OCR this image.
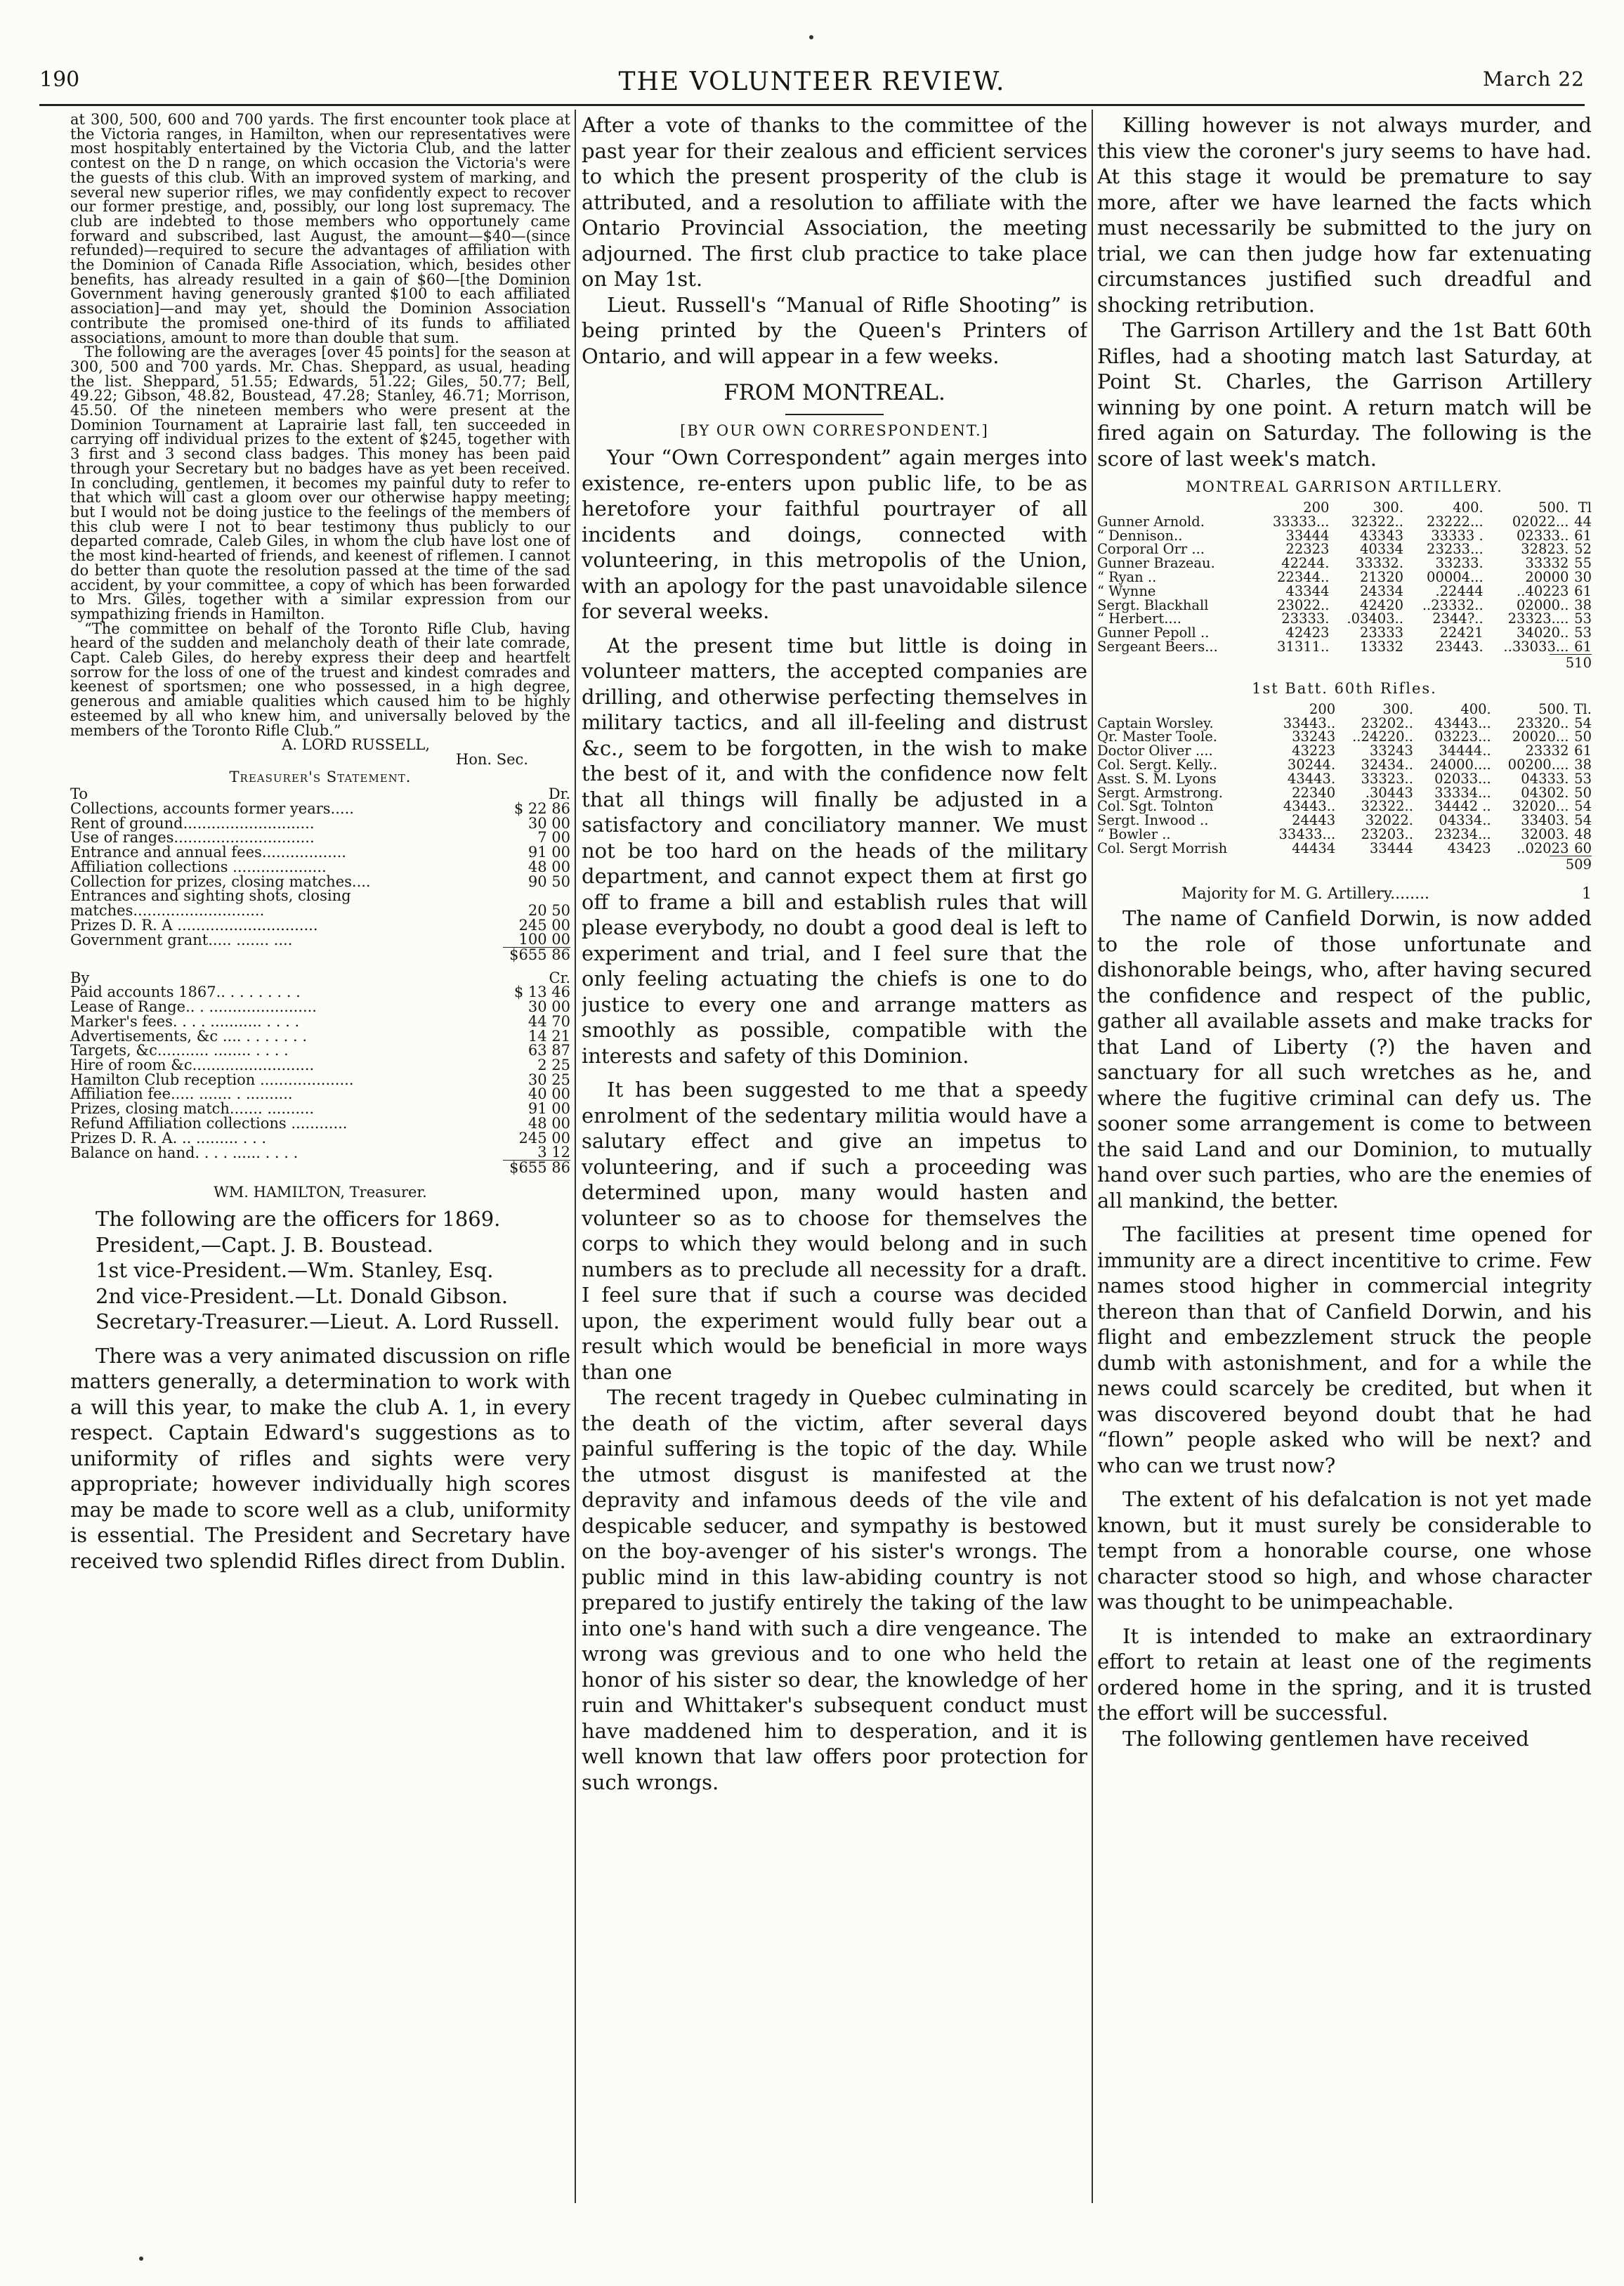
190	THE VOLUNTEER REVIEW.	March 22

at 300, 500, 600 and 700 yards. The first encounter took place at the Victoria ranges, in Hamilton, when our representatives were most hospitably entertained by the Victoria Club, and the latter contest on the D n range, on which occasion the Victoria's were the guests of this club. With an improved system of marking, and several new superior rifles, we may confidently expect to recover our former prestige, and, possibly, our long lost supremacy. The club are indebted to those members who opportunely came forward and subscribed, last August, the amount—$40—(since refunded)—required to secure the advantages of affiliation with the Dominion of Canada Rifle Association, which, besides other benefits, has already resulted in a gain of $60—[the Dominion Government having generously granted $100 to each affiliated association]—and may yet, should the Dominion Association contribute the promised one-third of its funds to affiliated associations, amount to more than double that sum.

The following are the averages [over 45 points] for the season at 300, 500 and 700 yards. Mr. Chas. Sheppard, as usual, heading the list. Sheppard, 51.55; Edwards, 51.22; Giles, 50.77; Bell, 49.22; Gibson, 48.82, Boustead, 47.28; Stanley, 46.71; Morrison, 45.50. Of the nineteen members who were present at the Dominion Tournament at Laprairie last fall, ten succeeded in carrying off individual prizes to the extent of $245, together with 3 first and 3 second class badges. This money has been paid through your Secretary but no badges have as yet been received. In concluding, gentlemen, it becomes my painful duty to refer to that which will cast a gloom over our otherwise happy meeting; but I would not be doing justice to the feelings of the members of this club were I not to bear testimony thus publicly to our departed comrade, Caleb Giles, in whom the club have lost one of the most kind-hearted of friends, and keenest of riflemen. I cannot do better than quote the resolution passed at the time of the sad accident, by your committee, a copy of which has been forwarded to Mrs. Giles, together with a similar expression from our sympathizing friends in Hamilton.

“The committee on behalf of the Toronto Rifle Club, having heard of the sudden and melancholy death of their late comrade, Capt. Caleb Giles, do hereby express their deep and heartfelt sorrow for the loss of one of the truest and kindest comrades and keenest of sportsmen; one who possessed, in a high degree, generous and amiable qualities which caused him to be highly esteemed by all who knew him, and universally beloved by the members of the Toronto Rifle Club.”

A. LORD RUSSELL,

Hon. Sec.

Treasurer's Statement.

To	Dr.
Collections, accounts former years.....	$ 22 86
Rent of ground............................	30 00
Use of ranges..............................	7 00
Entrance and annual fees..................	91 00
Affiliation collections ....................	48 00
Collection for prizes, closing matches....	90 50
Entrances and sighting shots, closing matches............................	20 50
Prizes D. R. A ..............................	245 00
Government grant..... ....... ....	100 00
	$655 86
By	Cr.
Paid accounts 1867.. . . . . . . . .	$ 13 46
Lease of Range.. . .......................	30 00
Marker's fees. . . . ........... . . . .	44 70
Advertisements, &c .... . . . . . . .	14 21
Targets, &c........... ........ . . . .	63 87
Hire of room &c..........................	2 25
Hamilton Club reception ....................	30 25
Affiliation fee..... ....... . ..........	40 00
Prizes, closing match....... ..........	91 00
Refund Affiliation collections ............	48 00
Prizes D. R. A. .. ......... . . .	245 00
Balance on hand. . . . ...... . . . .	3 12
	$655 86

WM. HAMILTON, Treasurer.

The following are the officers for 1869.

President,—Capt. J. B. Boustead.

1st vice-President.—Wm. Stanley, Esq.

2nd vice-President.—Lt. Donald Gibson.

Secretary-Treasurer.—Lieut. A. Lord Russell.

There was a very animated discussion on rifle matters generally, a determination to work with a will this year, to make the club A. 1, in every respect. Captain Edward's suggestions as to uniformity of rifles and sights were very appropriate; however individually high scores may be made to score well as a club, uniformity is essential. The President and Secretary have received two splendid Rifles direct from Dublin.

After a vote of thanks to the committee of the past year for their zealous and efficient services to which the present prosperity of the club is attributed, and a resolution to affiliate with the Ontario Provincial Association, the meeting adjourned. The first club practice to take place on May 1st.

Lieut. Russell's “Manual of Rifle Shooting” is being printed by the Queen's Printers of Ontario, and will appear in a few weeks.

FROM MONTREAL.
[BY OUR OWN CORRESPONDENT.]

Your “Own Correspondent” again merges into existence, re-enters upon public life, to be as heretofore your faithful pourtrayer of all incidents and doings, connected with volunteering, in this metropolis of the Union, with an apology for the past unavoidable silence for several weeks.

At the present time but little is doing in volunteer matters, the accepted companies are drilling, and otherwise perfecting themselves in military tactics, and all ill-feeling and distrust &c., seem to be forgotten, in the wish to make the best of it, and with the confidence now felt that all things will finally be adjusted in a satisfactory and conciliatory manner. We must not be too hard on the heads of the military department, and cannot expect them at first go off to frame a bill and establish rules that will please everybody, no doubt a good deal is left to experiment and trial, and I feel sure that the only feeling actuating the chiefs is one to do justice to every one and arrange matters as smoothly as possible, compatible with the interests and safety of this Dominion.

It has been suggested to me that a speedy enrolment of the sedentary militia would have a salutary effect and give an impetus to volunteering, and if such a proceeding was determined upon, many would hasten and volunteer so as to choose for themselves the corps to which they would belong and in such numbers as to preclude all necessity for a draft. I feel sure that if such a course was decided upon, the experiment would fully bear out a result which would be beneficial in more ways than one

The recent tragedy in Quebec culminating in the death of the victim, after several days painful suffering is the topic of the day. While the utmost disgust is manifested at the depravity and infamous deeds of the vile and despicable seducer, and sympathy is bestowed on the boy-avenger of his sister's wrongs. The public mind in this law-abiding country is not prepared to justify entirely the taking of the law into one's hand with such a dire vengeance. The wrong was grevious and to one who held the honor of his sister so dear, the knowledge of her ruin and Whittaker's subsequent conduct must have maddened him to desperation, and it is well known that law offers poor protection for such wrongs.

Killing however is not always murder, and this view the coroner's jury seems to have had. At this stage it would be premature to say more, after we have learned the facts which must necessarily be submitted to the jury on trial, we can then judge how far extenuating circumstances justified such dreadful and shocking retribution.

The Garrison Artillery and the 1st Batt 60th Rifles, had a shooting match last Saturday, at Point St. Charles, the Garrison Artillery winning by one point. A return match will be fired again on Saturday. The following is the score of last week's match.

MONTREAL GARRISON ARTILLERY.
	200	300.	400.	500.	Tl
Gunner Arnold.	33333...	32322..	23222...	02022...	44
“ Dennison..	33444	43343	33333 .	02333..	61
Corporal Orr ...	22323	40334	23233...	32823.	52
Gunner Brazeau.	42244.	33332.	33233.	33332	55
“ Ryan ..	22344..	21320	00004...	20000	30
“ Wynne	43344	24334	.22444	..40223	61
Sergt. Blackhall	23022..	42420	..23332..	02000..	38
“ Herbert....	23333.	.03403..	2344?..	23323....	53
Gunner Pepoll ..	42423	23333	22421	34020..	53
Sergeant Beers...	31311..	13332	23443.	..33033...	61
510
1st Batt. 60th Rifles.
	200	300.	400.	500.	Tl.
Captain Worsley.	33443..	23202..	43443...	23320..	54
Qr. Master Toole.	33243	..24220..	03223...	20020...	50
Doctor Oliver ....	43223	33243	34444..	23332	61
Col. Sergt. Kelly..	30244.	32434..	24000....	00200....	38
Asst. S. M. Lyons	43443.	33323..	02033...	04333.	53
Sergt. Armstrong.	22340	.30443	33334...	04302.	50
Col. Sgt. Tolnton	43443..	32322..	34442 ..	32020...	54
Sergt. Inwood ..	24443	32022.	04334..	33403.	54
“ Bowler ..	33433...	23203..	23234...	32003.	48
Col. Sergt Morrish	44434	33444	43423	..02023	60
509

Majority for M. G. Artillery........	1

The name of Canfield Dorwin, is now added to the role of those unfortunate and dishonorable beings, who, after having secured the confidence and respect of the public, gather all available assets and make tracks for that Land of Liberty (?) the haven and sanctuary for all such wretches as he, and where the fugitive criminal can defy us. The sooner some arrangement is come to between the said Land and our Dominion, to mutually hand over such parties, who are the enemies of all mankind, the better.

The facilities at present time opened for immunity are a direct incentitive to crime. Few names stood higher in commercial integrity thereon than that of Canfield Dorwin, and his flight and embezzlement struck the people dumb with astonishment, and for a while the news could scarcely be credited, but when it was discovered beyond doubt that he had “flown” people asked who will be next? and who can we trust now?

The extent of his defalcation is not yet made known, but it must surely be considerable to tempt from a honorable course, one whose character stood so high, and whose character was thought to be unimpeachable.

It is intended to make an extraordinary effort to retain at least one of the regiments ordered home in the spring, and it is trusted the effort will be successful.

The following gentlemen have received
